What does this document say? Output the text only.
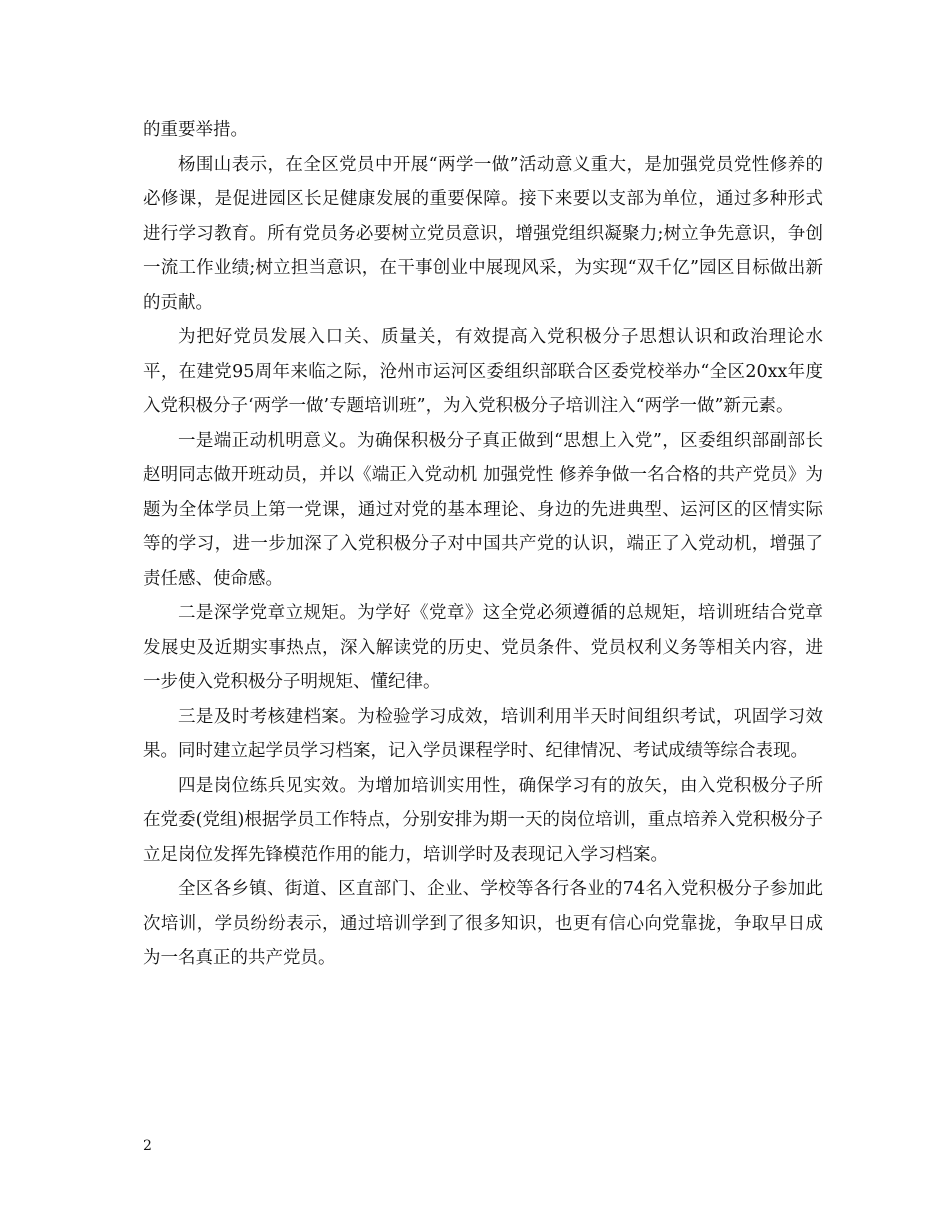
的重要举措。

杨围山表示，在全区党员中开展“两学一做”活动意义重大，是加强党员党性修养的必修课，是促进园区长足健康发展的重要保障。接下来要以支部为单位，通过多种形式进行学习教育。所有党员务必要树立党员意识，增强党组织凝聚力;树立争先意识，争创一流工作业绩;树立担当意识，在干事创业中展现风采，为实现“双千亿”园区目标做出新的贡献。

为把好党员发展入口关、质量关，有效提高入党积极分子思想认识和政治理论水平，在建党95周年来临之际，沧州市运河区委组织部联合区委党校举办“全区20xx年度入党积极分子‘两学一做’专题培训班”，为入党积极分子培训注入“两学一做”新元素。

一是端正动机明意义。为确保积极分子真正做到“思想上入党”，区委组织部副部长赵明同志做开班动员，并以《端正入党动机 加强党性 修养争做一名合格的共产党员》为题为全体学员上第一党课，通过对党的基本理论、身边的先进典型、运河区的区情实际等的学习，进一步加深了入党积极分子对中国共产党的认识，端正了入党动机，增强了责任感、使命感。

二是深学党章立规矩。为学好《党章》这全党必须遵循的总规矩，培训班结合党章发展史及近期实事热点，深入解读党的历史、党员条件、党员权利义务等相关内容，进一步使入党积极分子明规矩、懂纪律。

三是及时考核建档案。为检验学习成效，培训利用半天时间组织考试，巩固学习效果。同时建立起学员学习档案，记入学员课程学时、纪律情况、考试成绩等综合表现。

四是岗位练兵见实效。为增加培训实用性，确保学习有的放矢，由入党积极分子所在党委(党组)根据学员工作特点，分别安排为期一天的岗位培训，重点培养入党积极分子立足岗位发挥先锋模范作用的能力，培训学时及表现记入学习档案。

全区各乡镇、街道、区直部门、企业、学校等各行各业的74名入党积极分子参加此次培训，学员纷纷表示，通过培训学到了很多知识，也更有信心向党靠拢，争取早日成为一名真正的共产党员。

2
